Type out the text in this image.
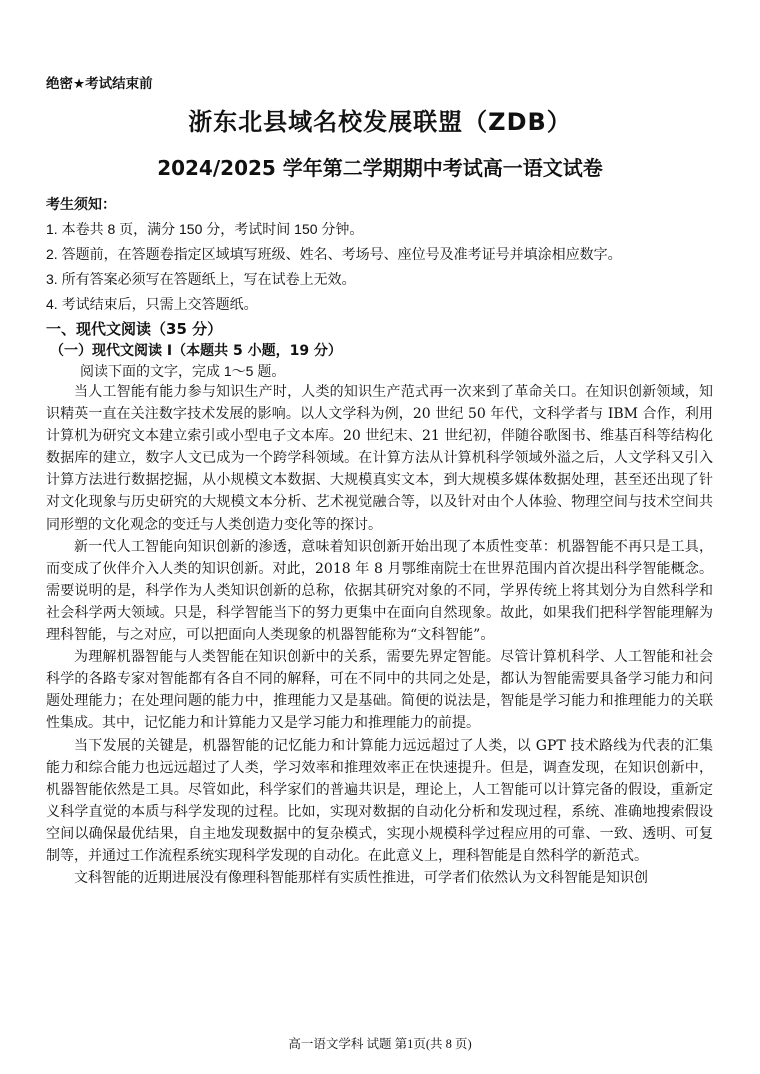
绝密★考试结束前
浙东北县域名校发展联盟（ZDB）
2024/2025 学年第二学期期中考试高一语文试卷
考生须知：
1. 本卷共 8 页，满分 150 分，考试时间 150 分钟。
2. 答题前，在答题卷指定区域填写班级、姓名、考场号、座位号及准考证号并填涂相应数字。
3. 所有答案必须写在答题纸上，写在试卷上无效。
4. 考试结束后，只需上交答题纸。
一、现代文阅读（35 分）
（一）现代文阅读 I（本题共 5 小题，19 分）
阅读下面的文字，完成 1～5 题。

当人工智能有能力参与知识生产时，人类的知识生产范式再一次来到了革命关口。在知识创新领域，知识精英一直在关注数字技术发展的影响。以人文学科为例，20 世纪 50 年代，文科学者与 IBM 合作，利用计算机为研究文本建立索引或小型电子文本库。20 世纪末、21 世纪初，伴随谷歌图书、维基百科等结构化数据库的建立，数字人文已成为一个跨学科领域。在计算方法从计算机科学领域外溢之后，人文学科又引入计算方法进行数据挖掘，从小规模文本数据、大规模真实文本，到大规模多媒体数据处理，甚至还出现了针对文化现象与历史研究的大规模文本分析、艺术视觉融合等，以及针对由个人体验、物理空间与技术空间共同形塑的文化观念的变迁与人类创造力变化等的探讨。

新一代人工智能向知识创新的渗透，意味着知识创新开始出现了本质性变革：机器智能不再只是工具，而变成了伙伴介入人类的知识创新。对此，2018 年 8 月鄂维南院士在世界范围内首次提出科学智能概念。需要说明的是，科学作为人类知识创新的总称，依据其研究对象的不同，学界传统上将其划分为自然科学和社会科学两大领域。只是，科学智能当下的努力更集中在面向自然现象。故此，如果我们把科学智能理解为理科智能，与之对应，可以把面向人类现象的机器智能称为“文科智能”。

为理解机器智能与人类智能在知识创新中的关系，需要先界定智能。尽管计算机科学、人工智能和社会科学的各路专家对智能都有各自不同的解释，可在不同中的共同之处是，都认为智能需要具备学习能力和问题处理能力；在处理问题的能力中，推理能力又是基础。简便的说法是，智能是学习能力和推理能力的关联性集成。其中，记忆能力和计算能力又是学习能力和推理能力的前提。

当下发展的关键是，机器智能的记忆能力和计算能力远远超过了人类，以 GPT 技术路线为代表的汇集能力和综合能力也远远超过了人类，学习效率和推理效率正在快速提升。但是，调查发现，在知识创新中，机器智能依然是工具。尽管如此，科学家们的普遍共识是，理论上，人工智能可以计算完备的假设，重新定义科学直觉的本质与科学发现的过程。比如，实现对数据的自动化分析和发现过程，系统、准确地搜索假设空间以确保最优结果，自主地发现数据中的复杂模式，实现小规模科学过程应用的可靠、一致、透明、可复制等，并通过工作流程系统实现科学发现的自动化。在此意义上，理科智能是自然科学的新范式。

文科智能的近期进展没有像理科智能那样有实质性推进，可学者们依然认为文科智能是知识创

高一语文学科 试题 第1页(共 8 页)
